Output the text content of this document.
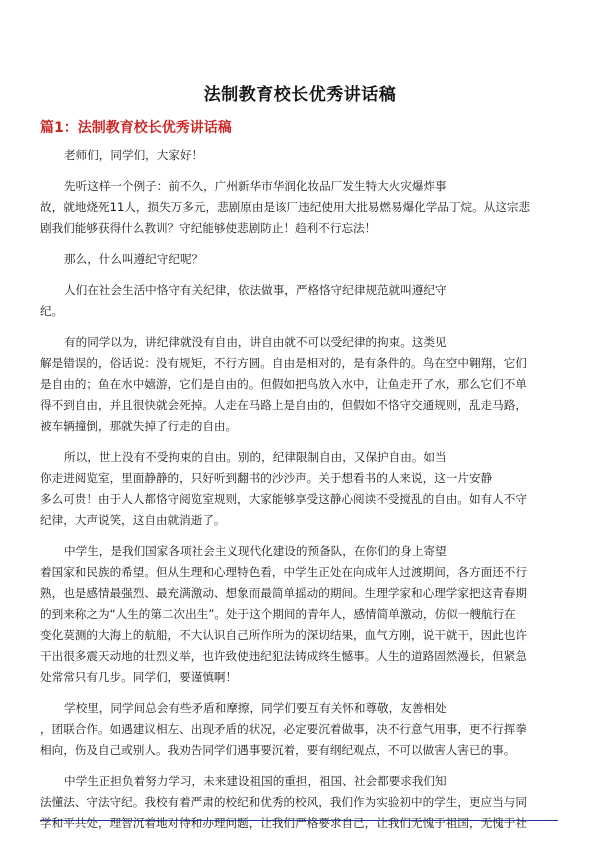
法制教育校长优秀讲话稿
篇1：法制教育校长优秀讲话稿

老师们，同学们，大家好！

先听这样一个例子：前不久，广州新华市华润化妆品厂发生特大火灾爆炸事
故，就地烧死11人，损失万多元，悲剧原由是该厂违纪使用大批易燃易爆化学品丁烷。从这宗悲
剧我们能够获得什么教训？守纪能够使悲剧防止！趋利不行忘法！

那么，什么叫遵纪守纪呢？

人们在社会生活中恪守有关纪律，依法做事，严格恪守纪律规范就叫遵纪守
纪。

有的同学以为，讲纪律就没有自由，讲自由就不可以受纪律的拘束。这类见
解是错误的，俗话说：没有规矩，不行方圆。自由是相对的，是有条件的。鸟在空中翱翔，它们
是自由的；鱼在水中嬉游，它们是自由的。但假如把鸟放入水中，让鱼走开了水，那么它们不单
得不到自由，并且很快就会死掉。人走在马路上是自由的，但假如不恪守交通规则，乱走马路，
被车辆撞倒，那就失掉了行走的自由。

所以，世上没有不受拘束的自由。别的，纪律限制自由，又保护自由。如当
你走进阅览室，里面静静的，只好听到翻书的沙沙声。关于想看书的人来说，这一片安静
多么可贵！由于人人都恪守阅览室规则，大家能够享受这静心阅读不受搅乱的自由。如有人不守
纪律，大声说笑，这自由就消逝了。

中学生，是我们国家各项社会主义现代化建设的预备队，在你们的身上寄望
着国家和民族的希望。但从生理和心理特色看，中学生正处在向成年人过渡期间，各方面还不行
熟，也是感情最强烈、最充满激动、想象而最简单摇动的期间。生理学家和心理学家把这青春期
的到来称之为“人生的第二次出生”。处于这个期间的青年人，感情简单激动，仿似一艘航行在
变化莫测的大海上的航船，不大认识自己所作所为的深切结果，血气方刚，说干就干，因此也许
干出很多震天动地的壮烈义举，也许致使违纪犯法铸成终生憾事。人生的道路固然漫长，但紧急
处常常只有几步。同学们，要谨慎啊！

学校里，同学间总会有些矛盾和摩擦，同学们要互有关怀和尊敬，友善相处
，团联合作。如遇建议相左、出现矛盾的状况，必定要沉着做事，决不行意气用事，更不行挥拳
相向，伤及自己或别人。我劝告同学们遇事要沉着，要有纲纪观点，不可以做害人害已的事。

中学生正担负着努力学习，未来建设祖国的重担，祖国、社会都要求我们知
法懂法、守法守纪。我校有着严肃的校纪和优秀的校风，我们作为实验初中的学生，更应当与同
学和平共处，理智沉着地对待和办理问题，让我们严格要求自己，让我们无愧于祖国，无愧于社
